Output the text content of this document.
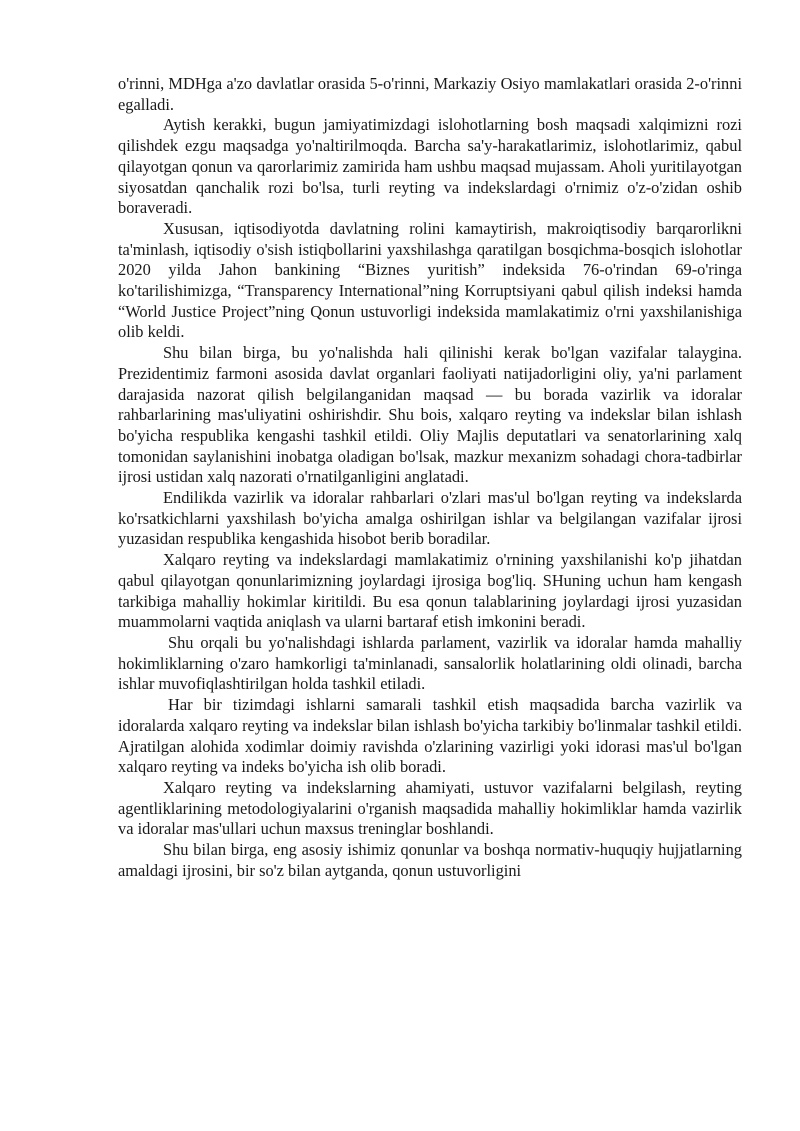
o'rinni, MDHga a'zo davlatlar orasida 5-o'rinni, Markaziy Osiyo mamlakatlari orasida 2-o'rinni egalladi.

Aytish kerakki, bugun jamiyatimizdagi islohotlarning bosh maqsadi xalqimizni rozi qilishdek ezgu maqsadga yo'naltirilmoqda. Barcha sa'y-harakatlarimiz, islohotlarimiz, qabul qilayotgan qonun va qarorlarimiz zamirida ham ushbu maqsad mujassam. Aholi yuritilayotgan siyosatdan qanchalik rozi bo'lsa, turli reyting va indekslardagi o'rnimiz o'z-o'zidan oshib boraveradi.

Xususan, iqtisodiyotda davlatning rolini kamaytirish, makroiqtisodiy barqarorlikni ta'minlash, iqtisodiy o'sish istiqbollarini yaxshilashga qaratilgan bosqichma-bosqich islohotlar 2020 yilda Jahon bankining “Biznes yuritish” indeksida 76-o'rindan 69-o'ringa ko'tarilishimizga, “Transparency International”ning Korruptsiyani qabul qilish indeksi hamda “World Justice Project”ning Qonun ustuvorligi indeksida mamlakatimiz o'rni yaxshilanishiga olib keldi.

Shu bilan birga, bu yo'nalishda hali qilinishi kerak bo'lgan vazifalar talaygina. Prezidentimiz farmoni asosida davlat organlari faoliyati natijadorligini oliy, ya'ni parlament darajasida nazorat qilish belgilanganidan maqsad — bu borada vazirlik va idoralar rahbarlarining mas'uliyatini oshirishdir. Shu bois, xalqaro reyting va indekslar bilan ishlash bo'yicha respublika kengashi tashkil etildi. Oliy Majlis deputatlari va senatorlarining xalq tomonidan saylanishini inobatga oladigan bo'lsak, mazkur mexanizm sohadagi chora-tadbirlar ijrosi ustidan xalq nazorati o'rnatilganligini anglatadi.

Endilikda vazirlik va idoralar rahbarlari o'zlari mas'ul bo'lgan reyting va indekslarda ko'rsatkichlarni yaxshilash bo'yicha amalga oshirilgan ishlar va belgilangan vazifalar ijrosi yuzasidan respublika kengashida hisobot berib boradilar.

Xalqaro reyting va indekslardagi mamlakatimiz o'rnining yaxshilanishi ko'p jihatdan qabul qilayotgan qonunlarimizning joylardagi ijrosiga bog'liq. SHuning uchun ham kengash tarkibiga mahalliy hokimlar kiritildi. Bu esa qonun talablarining joylardagi ijrosi yuzasidan muammolarni vaqtida aniqlash va ularni bartaraf etish imkonini beradi.

Shu orqali bu yo'nalishdagi ishlarda parlament, vazirlik va idoralar hamda mahalliy hokimliklarning o'zaro hamkorligi ta'minlanadi, sansalorlik holatlarining oldi olinadi, barcha ishlar muvofiqlashtirilgan holda tashkil etiladi.

Har bir tizimdagi ishlarni samarali tashkil etish maqsadida barcha vazirlik va idoralarda xalqaro reyting va indekslar bilan ishlash bo'yicha tarkibiy bo'linmalar tashkil etildi. Ajratilgan alohida xodimlar doimiy ravishda o'zlarining vazirligi yoki idorasi mas'ul bo'lgan xalqaro reyting va indeks bo'yicha ish olib boradi.

Xalqaro reyting va indekslarning ahamiyati, ustuvor vazifalarni belgilash, reyting agentliklarining metodologiyalarini o'rganish maqsadida mahalliy hokimliklar hamda vazirlik va idoralar mas'ullari uchun maxsus treninglar boshlandi.

Shu bilan birga, eng asosiy ishimiz qonunlar va boshqa normativ-huquqiy hujjatlarning amaldagi ijrosini, bir so'z bilan aytganda, qonun ustuvorligini
